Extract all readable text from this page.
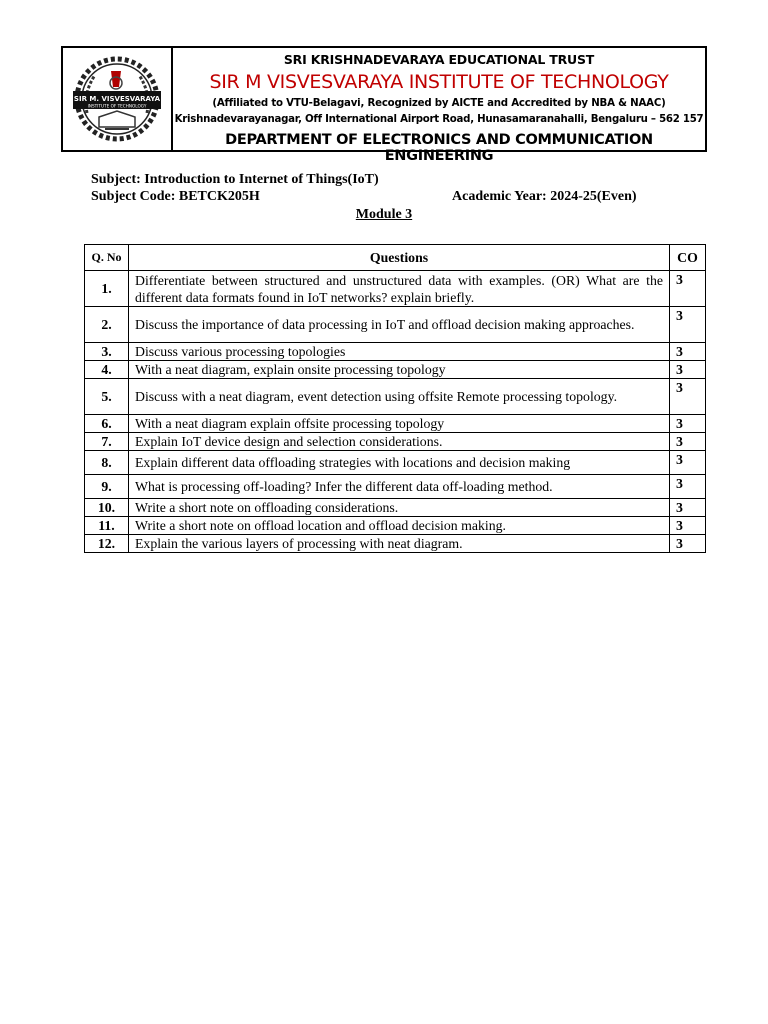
SIR M. VISVESVARAYA
INSTITUTE OF TECHNOLOGY
SRI KRISHNADEVARAYA EDUCATIONAL TRUST
SIR M VISVESVARAYA INSTITUTE OF TECHNOLOGY
(Affiliated to VTU-Belagavi, Recognized by AICTE and Accredited by NBA & NAAC)
Krishnadevarayanagar, Off International Airport Road, Hunasamaranahalli, Bengaluru – 562 157
DEPARTMENT OF ELECTRONICS AND COMMUNICATION ENGINEERING
Subject: Introduction to Internet of Things(IoT)
Subject Code: BETCK205H	Academic Year: 2024-25(Even)
Module 3
Q. No	Questions	CO
1.	Differentiate between structured and unstructured data with examples. (OR) What are the different data formats found in IoT networks? explain briefly.	3
2.	Discuss the importance of data processing in IoT and offload decision making approaches.	3
3.	Discuss various processing topologies	3
4.	With a neat diagram, explain onsite processing topology	3
5.	Discuss with a neat diagram, event detection using offsite Remote processing topology.	3
6.	With a neat diagram explain offsite processing topology	3
7.	Explain IoT device design and selection considerations.	3
8.	Explain different data offloading strategies with locations and decision making	3
9.	What is processing off-loading? Infer the different data off-loading method.	3
10.	Write a short note on offloading considerations.	3
11.	Write a short note on offload location and offload decision making.	3
12.	Explain the various layers of processing with neat diagram.	3
